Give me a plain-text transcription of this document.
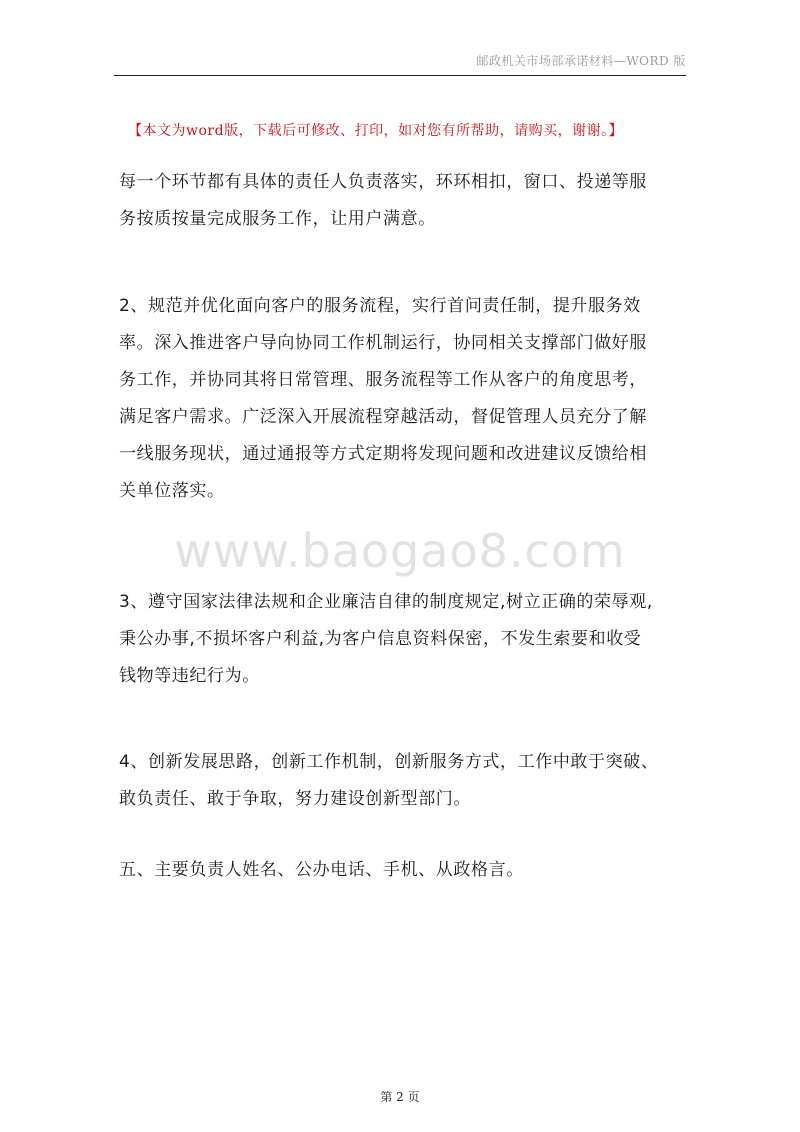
邮政机关市场部承诺材料—WORD 版
【本文为word版，下载后可修改、打印，如对您有所帮助，请购买，谢谢。】
www.baogao8.com
每一个环节都有具体的责任人负责落实，环环相扣，窗口、投递等服
务按质按量完成服务工作，让用户满意。
2、规范并优化面向客户的服务流程，实行首问责任制，提升服务效
率。深入推进客户导向协同工作机制运行，协同相关支撑部门做好服
务工作，并协同其将日常管理、服务流程等工作从客户的角度思考，
满足客户需求。广泛深入开展流程穿越活动，督促管理人员充分了解
一线服务现状，通过通报等方式定期将发现问题和改进建议反馈给相
关单位落实。
3、遵守国家法律法规和企业廉洁自律的制度规定,树立正确的荣辱观,
秉公办事,不损坏客户利益,为客户信息资料保密，不发生索要和收受
钱物等违纪行为。
4、创新发展思路，创新工作机制，创新服务方式，工作中敢于突破、
敢负责任、敢于争取，努力建设创新型部门。
五、主要负责人姓名、公办电话、手机、从政格言。
第 2 页
